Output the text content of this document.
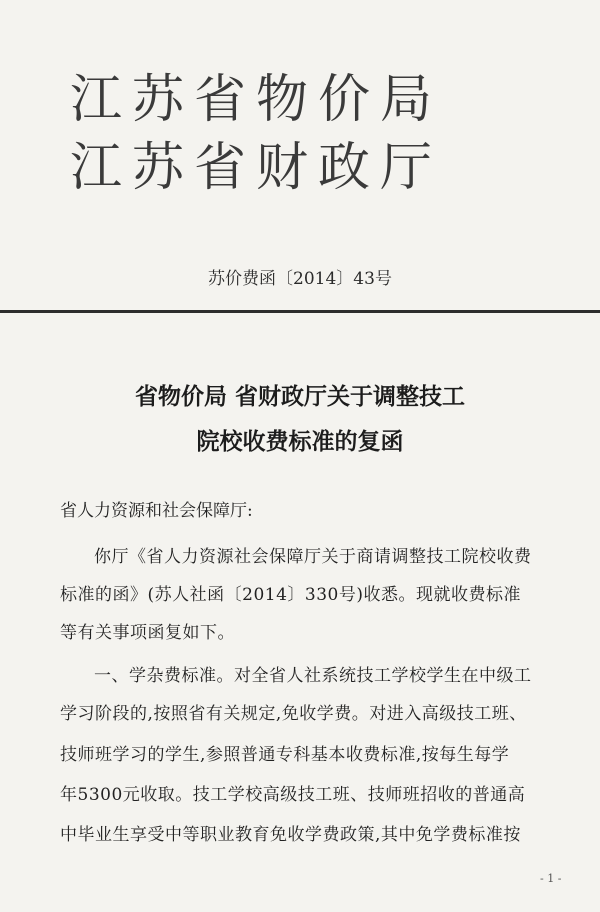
江苏省物价局
江苏省财政厅
苏价费函〔2014〕43号
省物价局 省财政厅关于调整技工
院校收费标准的复函
省人力资源和社会保障厅:
你厅《省人力资源社会保障厅关于商请调整技工院校收费
标准的函》(苏人社函〔2014〕330号)收悉。现就收费标准
等有关事项函复如下。
一、学杂费标准。对全省人社系统技工学校学生在中级工
学习阶段的,按照省有关规定,免收学费。对进入高级技工班、
技师班学习的学生,参照普通专科基本收费标准,按每生每学
年5300元收取。技工学校高级技工班、技师班招收的普通高
中毕业生享受中等职业教育免收学费政策,其中免学费标准按
- 1 -
